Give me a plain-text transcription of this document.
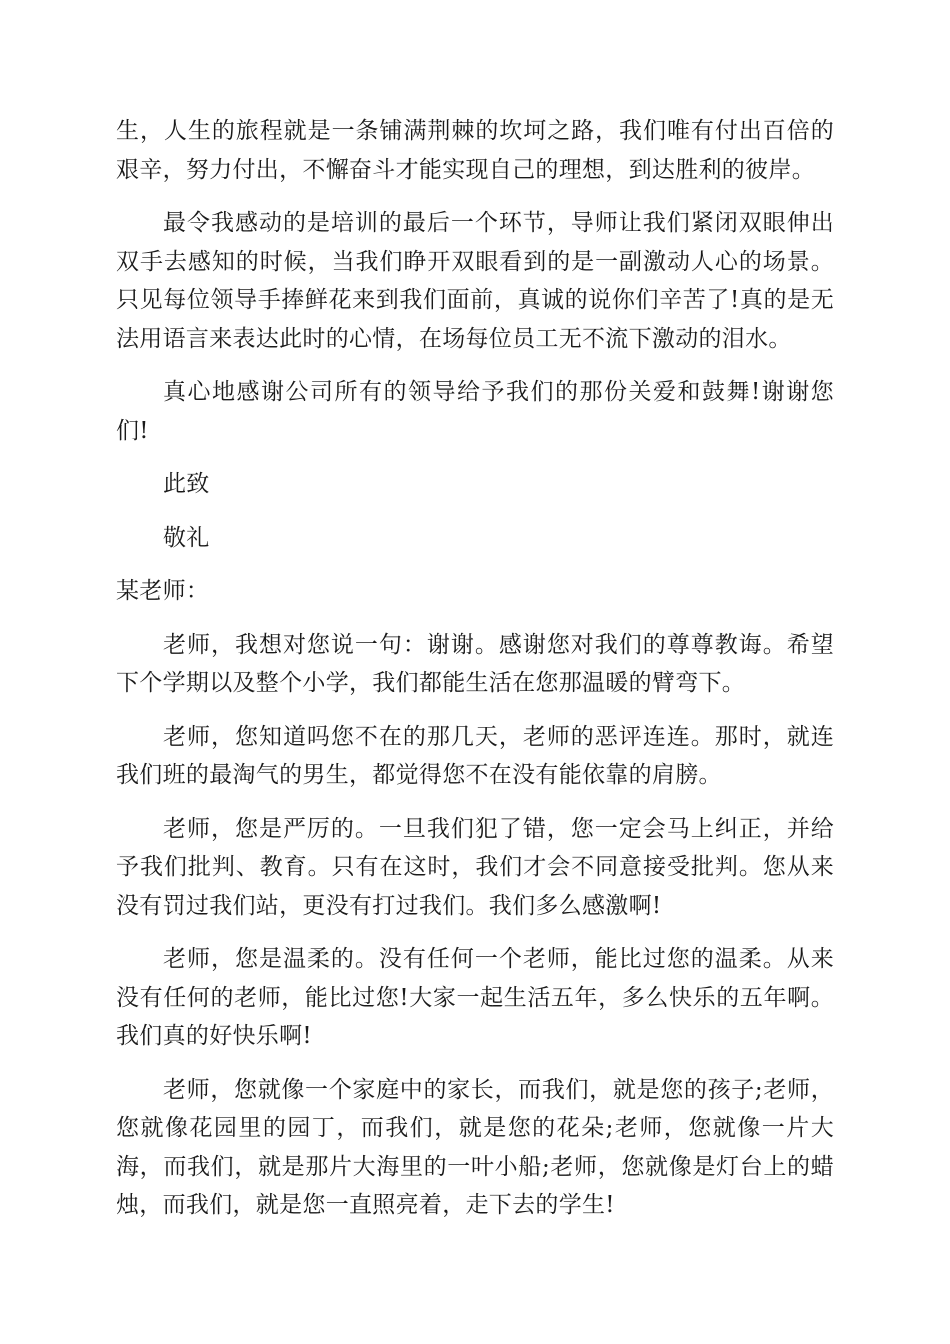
生，人生的旅程就是一条铺满荆棘的坎坷之路，我们唯有付出百倍的艰辛，努力付出，不懈奋斗才能实现自己的理想，到达胜利的彼岸。

最令我感动的是培训的最后一个环节，导师让我们紧闭双眼伸出双手去感知的时候，当我们睁开双眼看到的是一副激动人心的场景。只见每位领导手捧鲜花来到我们面前，真诚的说你们辛苦了!真的是无法用语言来表达此时的心情，在场每位员工无不流下激动的泪水。

真心地感谢公司所有的领导给予我们的那份关爱和鼓舞!谢谢您们!

此致

敬礼

某老师：

老师，我想对您说一句：谢谢。感谢您对我们的尊尊教诲。希望下个学期以及整个小学，我们都能生活在您那温暖的臂弯下。

老师，您知道吗您不在的那几天，老师的恶评连连。那时，就连我们班的最淘气的男生，都觉得您不在没有能依靠的肩膀。

老师，您是严厉的。一旦我们犯了错，您一定会马上纠正，并给予我们批判、教育。只有在这时，我们才会不同意接受批判。您从来没有罚过我们站，更没有打过我们。我们多么感激啊!

老师，您是温柔的。没有任何一个老师，能比过您的温柔。从来没有任何的老师，能比过您!大家一起生活五年，多么快乐的五年啊。我们真的好快乐啊!

老师，您就像一个家庭中的家长，而我们，就是您的孩子;老师，您就像花园里的园丁，而我们，就是您的花朵;老师，您就像一片大海，而我们，就是那片大海里的一叶小船;老师，您就像是灯台上的蜡烛，而我们，就是您一直照亮着，走下去的学生!
